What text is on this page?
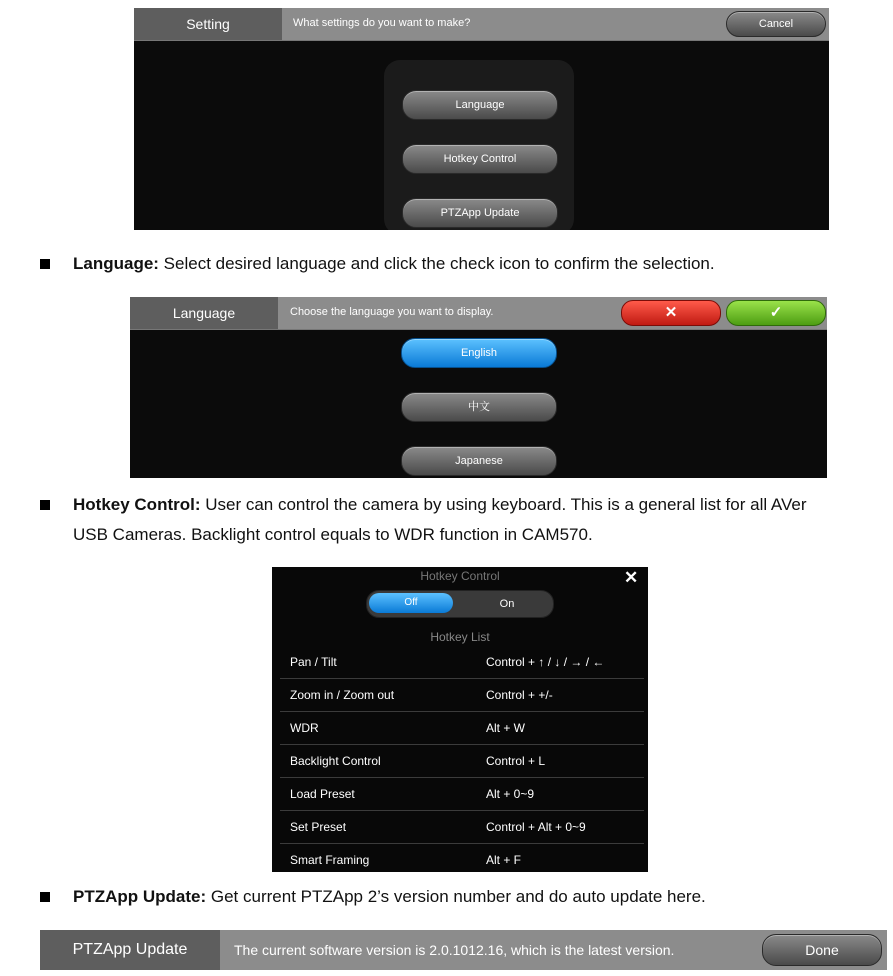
Setting	What settings do you want to make?	Cancel
Language
Hotkey Control
PTZApp Update
Language: Select desired language and click the check icon to confirm the selection.
Language	Choose the language you want to display.	✕	✓
English
中文
Japanese
Hotkey Control: User can control the camera by using keyboard. This is a general list for all AVer
USB Cameras. Backlight control equals to WDR function in CAM570.
Hotkey Control	✕
Off	On
Hotkey List
Pan / Tilt	Control + ↑ / ↓ / → / ←
Zoom in / Zoom out	Control + +/-
WDR	Alt + W
Backlight Control	Control + L
Load Preset	Alt + 0~9
Set Preset	Control + Alt + 0~9
Smart Framing	Alt + F
PTZApp Update: Get current PTZApp 2’s version number and do auto update here.
PTZApp Update	The current software version is 2.0.1012.16, which is the latest version.	Done
